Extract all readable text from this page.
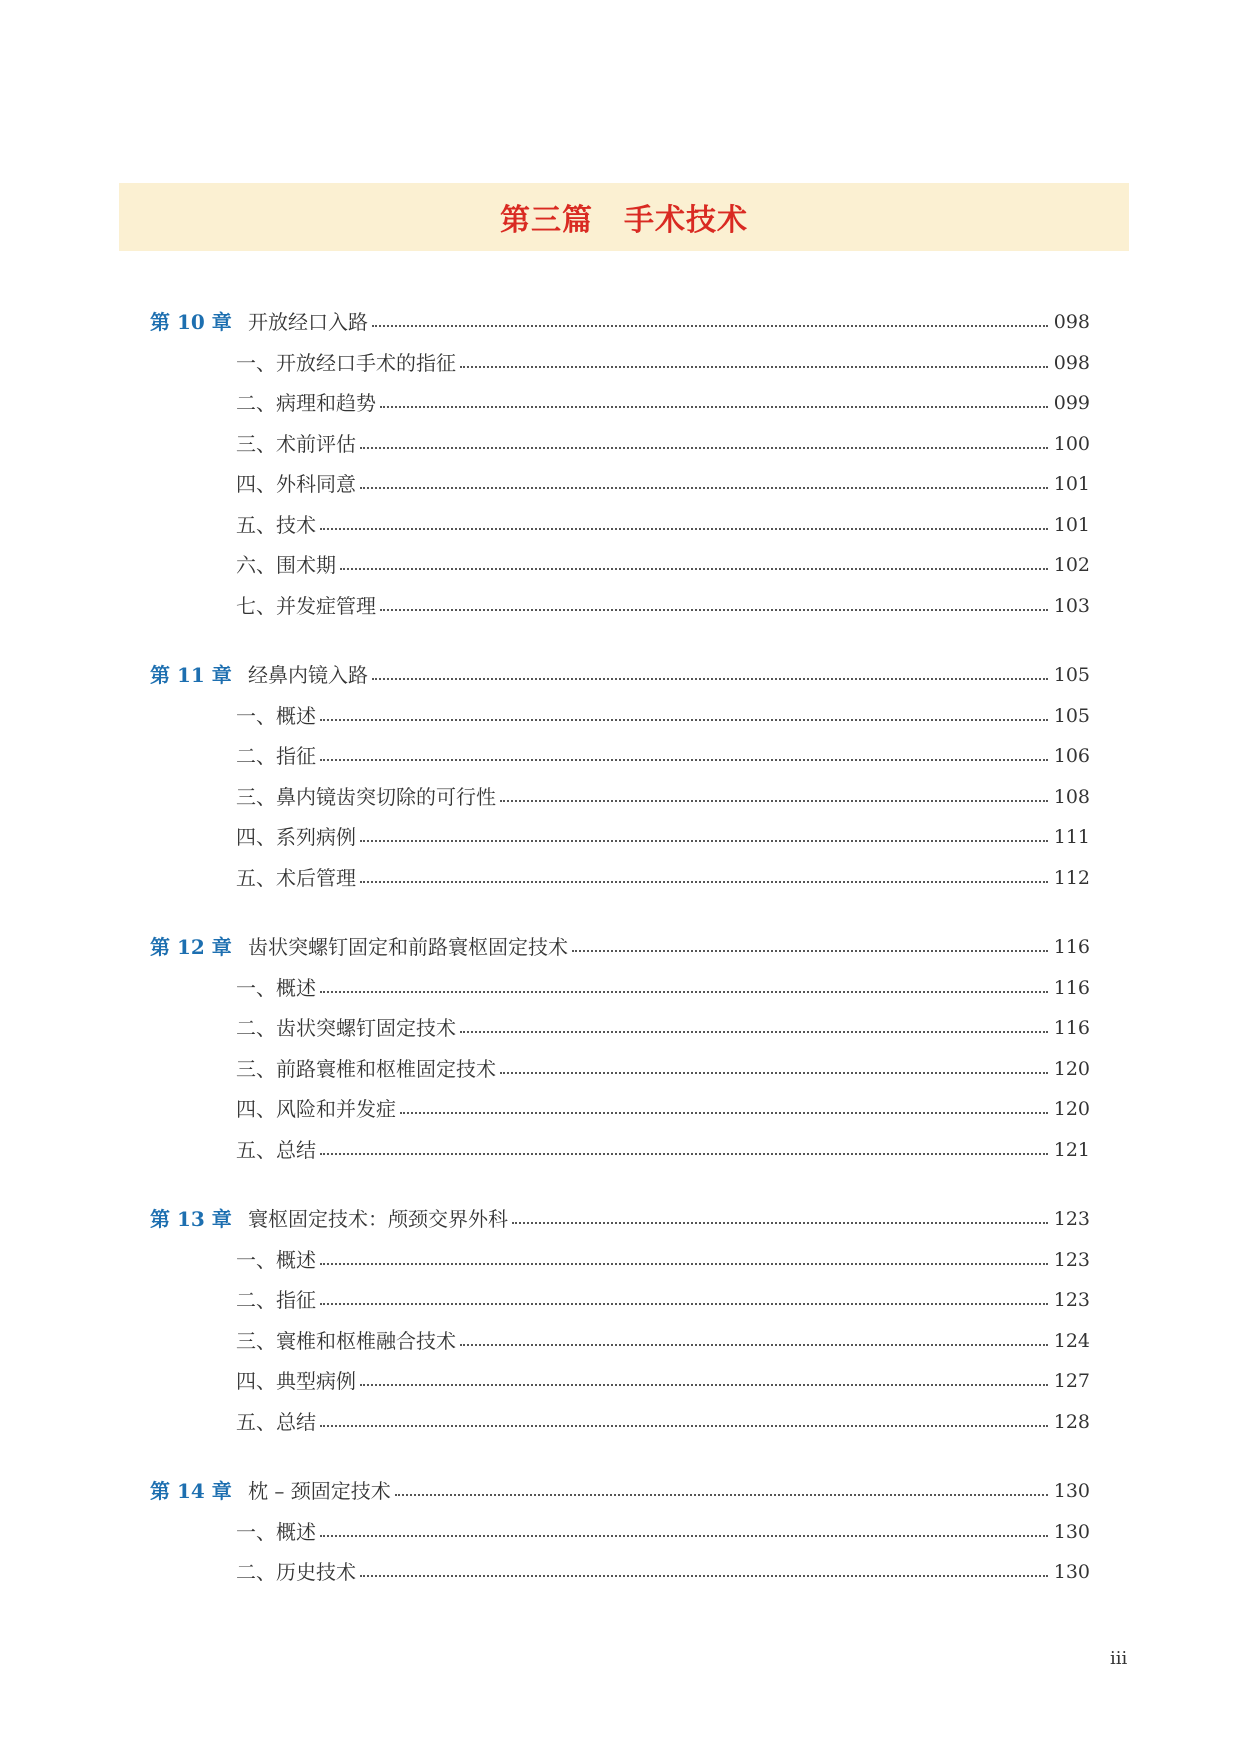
第三篇　手术技术
第 10 章 开放经口入路	098
一、开放经口手术的指征	098
二、病理和趋势	099
三、术前评估	100
四、外科同意	101
五、技术	101
六、围术期	102
七、并发症管理	103
第 11 章 经鼻内镜入路	105
一、概述	105
二、指征	106
三、鼻内镜齿突切除的可行性	108
四、系列病例	111
五、术后管理	112
第 12 章 齿状突螺钉固定和前路寰枢固定技术	116
一、概述	116
二、齿状突螺钉固定技术	116
三、前路寰椎和枢椎固定技术	120
四、风险和并发症	120
五、总结	121
第 13 章 寰枢固定技术：颅颈交界外科	123
一、概述	123
二、指征	123
三、寰椎和枢椎融合技术	124
四、典型病例	127
五、总结	128
第 14 章 枕 – 颈固定技术	130
一、概述	130
二、历史技术	130
iii
